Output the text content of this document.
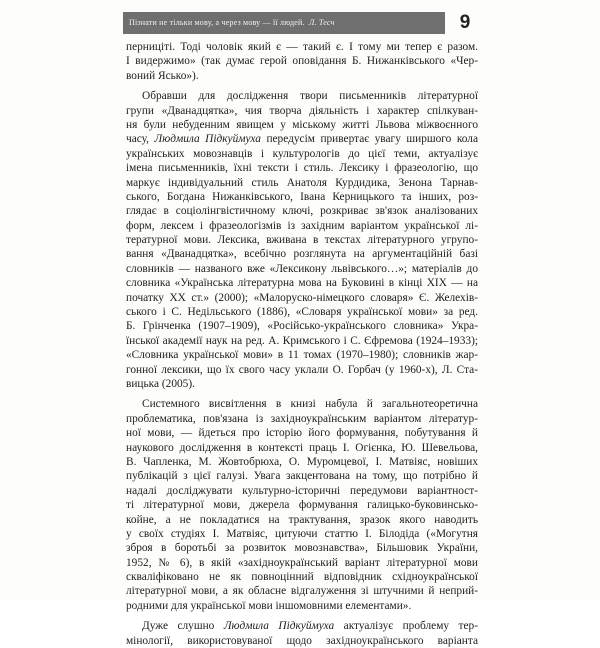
Пізнати не тільки мову, а через мову — її людей. Л. Тесч	9
перниціті. Тоді чоловік який є — такий є. І тому ми тепер є разом.
І видержимо» (так думає герой оповідання Б. Нижанківського «Чер-
воний Ясько»).
Обравши для дослідження твори письменників літературної
групи «Дванадцятка», чия творча діяльність і характер спілкуван-
ня були небуденним явищем у міському житті Львова міжвоєнного
часу, Людмила Підкуймуха передусім привертає увагу ширшого кола
українських мовознавців і культурологів до цієї теми, актуалізує
імена письменників, їхні тексти і стиль. Лексику і фразеологію, що
маркує індивідуальний стиль Анатоля Курдидика, Зенона Тарнав-
ського, Богдана Нижанківського, Івана Керницького та інших, роз-
глядає в соціолінгвістичному ключі, розкриває зв'язок аналізованих
форм, лексем і фразеологізмів із західним варіантом української лі-
тературної мови. Лексика, вживана в текстах літературного угрупо-
вання «Дванадцятка», всебічно розглянута на аргументаційній базі
словників — названого вже «Лексикону львівського…»; матеріалів до
словника «Українська літературна мова на Буковині в кінці XIX — на
початку XX ст.» (2000); «Малоруско-німецкого словаря» Є. Желехів-
ського і С. Недільського (1886), «Словаря української мови» за ред.
Б. Грінченка (1907–1909), «Російсько-українського словника» Укра-
їнської академії наук на ред. А. Кримського і С. Єфремова (1924–1933);
«Словника української мови» в 11 томах (1970–1980); словників жар-
гонної лексики, що їх свого часу уклали О. Горбач (у 1960-х), Л. Ста-
вицька (2005).
Системного висвітлення в книзі набула й загальнотеоретична
проблематика, пов'язана із західноукраїнським варіантом літератур-
ної мови, — йдеться про історію його формування, побутування й
наукового дослідження в контексті праць І. Огієнка, Ю. Шевельова,
В. Чапленка, М. Жовтобрюха, О. Муромцевої, І. Матвіяс, новіших
публікацій з цієї галузі. Увага закцентована на тому, що потрібно й
надалі досліджувати культурно-історичні передумови варіантност-
ті літературної мови, джерела формування галицько-буковинсько-
койне, а не покладатися на трактування, зразок якого наводить
у своїх студіях І. Матвіяс, цитуючи статтю І. Білодіда («Могутня
зброя в боротьбі за розвиток мовознавства», Більшовик України,
1952, № 6), в якій «західноукраїнський варіант літературної мови
скваліфіковано не як повноцінний відповідник східноукраїнської
літературної мови, а як обласне відгалуження зі штучними й неприй-
родними для української мови іншомовними елементами».
Дуже слушно Людмила Підкуймуха актуалізує проблему тер-
мінології, використовуваної щодо західноукраїнського варіанта
